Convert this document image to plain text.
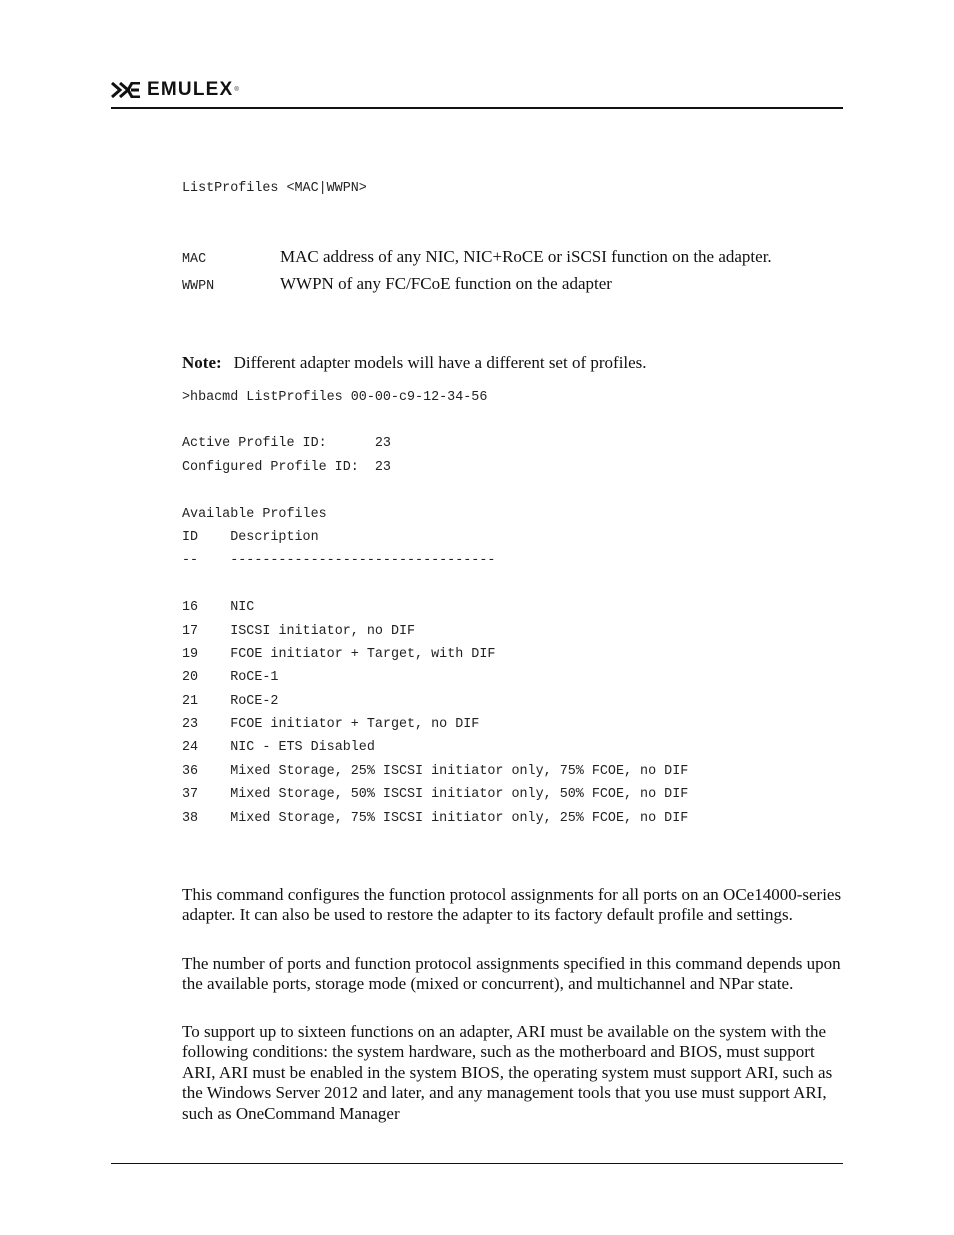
EMULEX ®
ListProfiles <MAC|WWPN>
MAC	MAC address of any NIC, NIC+RoCE or iSCSI function on the adapter.
WWPN	WWPN of any FC/FCoE function on the adapter
Note: Different adapter models will have a different set of profiles.
>hbacmd ListProfiles 00-00-c9-12-34-56
Active Profile ID:      23
Configured Profile ID:  23
Available Profiles
ID    Description
--    ---------------------------------
16 NIC
17 ISCSI initiator, no DIF
19 FCOE initiator + Target, with DIF
20 RoCE-1
21 RoCE-2
23 FCOE initiator + Target, no DIF
24 NIC - ETS Disabled
36 Mixed Storage, 25% ISCSI initiator only, 75% FCOE, no DIF
37 Mixed Storage, 50% ISCSI initiator only, 50% FCOE, no DIF
38 Mixed Storage, 75% ISCSI initiator only, 25% FCOE, no DIF
This command configures the function protocol assignments for all ports on an OCe14000-series adapter. It can also be used to restore the adapter to its factory default profile and settings.
The number of ports and function protocol assignments specified in this command depends upon the available ports, storage mode (mixed or concurrent), and multichannel and NPar state.
To support up to sixteen functions on an adapter, ARI must be available on the system with the following conditions: the system hardware, such as the motherboard and BIOS, must support ARI, ARI must be enabled in the system BIOS, the operating system must support ARI, such as the Windows Server 2012 and later, and any management tools that you use must support ARI, such as OneCommand Manager
